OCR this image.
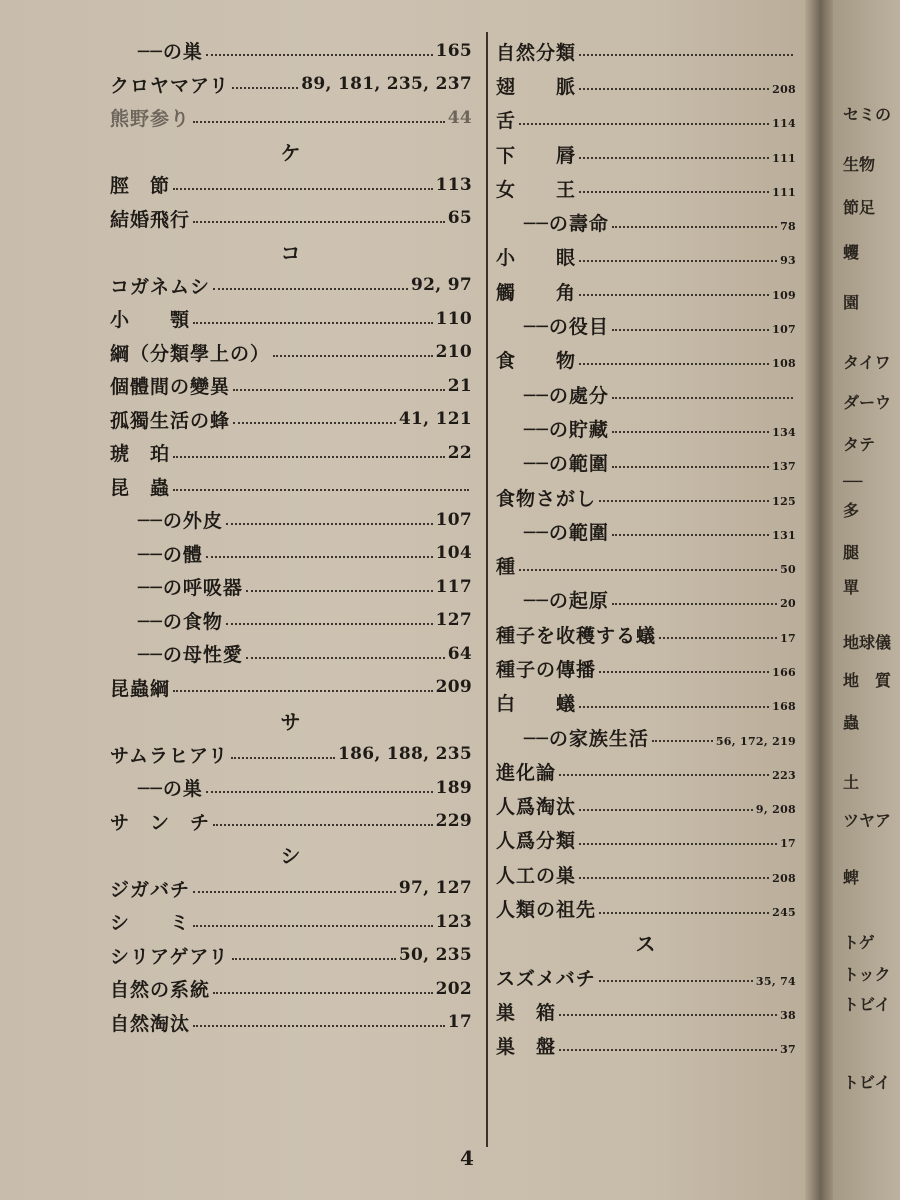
セミの
生物
節足
蠼
園
タイワ
ダーウ
タテ
──
多
腿
單
地球儀
地　質
蟲
土
ツヤア
蜱
トゲ
トック
トビイ
トビイ
──の巣	165
クロヤマアリ	89, 181, 235, 237
熊野参り	44
ケ
脛　節	113
結婚飛行	65
コ
コガネムシ	92, 97
小　　顎	110
綱（分類學上の）	210
個體間の變異	21
孤獨生活の蜂	41, 121
琥　珀	22
昆　蟲
──の外皮	107
──の體	104
──の呼吸器	117
──の食物	127
──の母性愛	64
昆蟲綱	209
サ
サムラヒアリ	186, 188, 235
──の巣	189
サ　ン　チ	229
シ
ジガバチ	97, 127
シ　　ミ	123
シリアゲアリ	50, 235
自然の系統	202
自然淘汰	17
自然分類
翅　　脈	208
舌	114
下　　脣	111
女　　王	111
──の壽命	78
小　　眼	93
觸　　角	109
──の役目	107
食　　物	108
──の處分
──の貯藏	134
──の範圍	137
食物さがし	125
──の範圍	131
種	50
──の起原	20
種子を收穫する蟻	17
種子の傳播	166
白　　蟻	168
──の家族生活	56, 172, 219
進化論	223
人爲淘汰	9, 208
人爲分類	17
人工の巣	208
人類の祖先	245
ス
スズメバチ	35, 74
巣　箱	38
巣　盤	37
4
